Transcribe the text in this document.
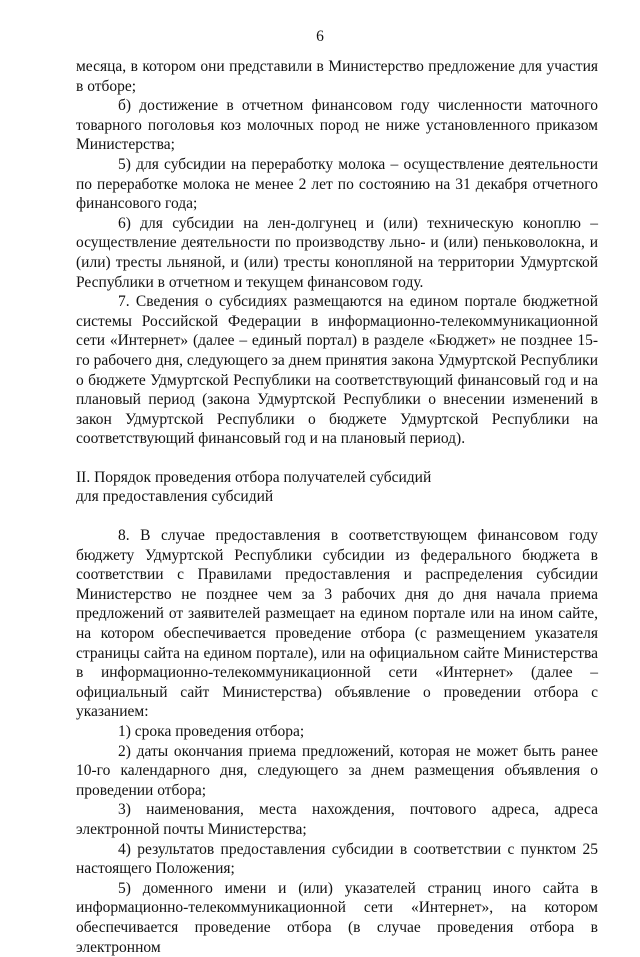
6

месяца, в котором они представили в Министерство предложение для участия в отборе;

б) достижение в отчетном финансовом году численности маточного товарного поголовья коз молочных пород не ниже установленного приказом Министерства;

5) для субсидии на переработку молока – осуществление деятельности по переработке молока не менее 2 лет по состоянию на 31 декабря отчетного финансового года;

6) для субсидии на лен-долгунец и (или) техническую коноплю – осуществление деятельности по производству льно- и (или) пеньковолокна, и (или) тресты льняной, и (или) тресты конопляной на территории Удмуртской Республики в отчетном и текущем финансовом году.

7. Сведения о субсидиях размещаются на едином портале бюджетной системы Российской Федерации в информационно-телекоммуникационной сети «Интернет» (далее – единый портал) в разделе «Бюджет» не позднее 15-го рабочего дня, следующего за днем принятия закона Удмуртской Республики о бюджете Удмуртской Республики на соответствующий финансовый год и на плановый период (закона Удмуртской Республики о внесении изменений в закон Удмуртской Республики о бюджете Удмуртской Республики на соответствующий финансовый год и на плановый период).

II. Порядок проведения отбора получателей субсидий
для предоставления субсидий

8. В случае предоставления в соответствующем финансовом году бюджету Удмуртской Республики субсидии из федерального бюджета в соответствии с Правилами предоставления и распределения субсидии Министерство не позднее чем за 3 рабочих дня до дня начала приема предложений от заявителей размещает на едином портале или на ином сайте, на котором обеспечивается проведение отбора (с размещением указателя страницы сайта на едином портале), или на официальном сайте Министерства в информационно-телекоммуникационной сети «Интернет» (далее – официальный сайт Министерства) объявление о проведении отбора с указанием:

1) срока проведения отбора;

2) даты окончания приема предложений, которая не может быть ранее 10-го календарного дня, следующего за днем размещения объявления о проведении отбора;

3) наименования, места нахождения, почтового адреса, адреса электронной почты Министерства;

4) результатов предоставления субсидии в соответствии с пунктом 25 настоящего Положения;

5) доменного имени и (или) указателей страниц иного сайта в информационно-телекоммуникационной сети «Интернет», на котором обеспечивается проведение отбора (в случае проведения отбора в электронном
